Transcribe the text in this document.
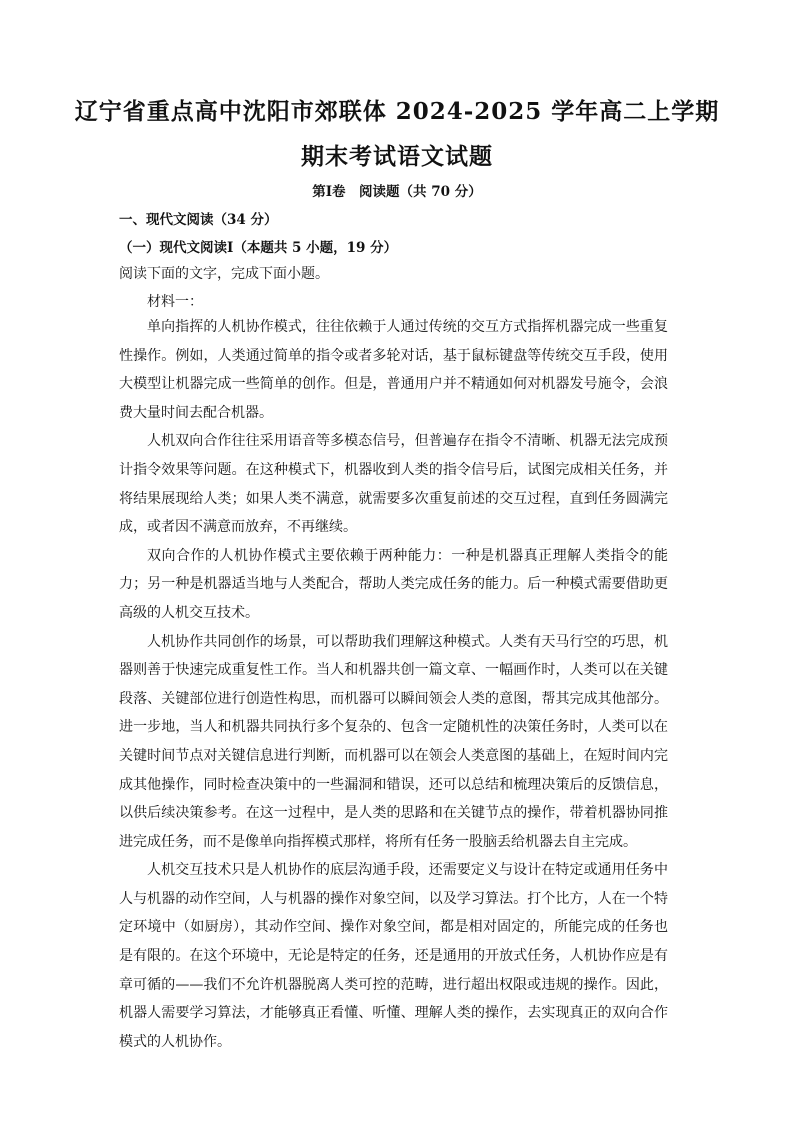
辽宁省重点高中沈阳市郊联体 2024-2025 学年高二上学期
期末考试语文试题
第Ⅰ卷　阅读题（共 70 分）
一、现代文阅读（34 分）
（一）现代文阅读Ⅰ（本题共 5 小题，19 分）
阅读下面的文字，完成下面小题。
材料一：

单向指挥的人机协作模式，往往依赖于人通过传统的交互方式指挥机器完成一些重复性操作。例如，人类通过简单的指令或者多轮对话，基于鼠标键盘等传统交互手段，使用大模型让机器完成一些简单的创作。但是，普通用户并不精通如何对机器发号施令，会浪费大量时间去配合机器。

人机双向合作往往采用语音等多模态信号，但普遍存在指令不清晰、机器无法完成预计指令效果等问题。在这种模式下，机器收到人类的指令信号后，试图完成相关任务，并将结果展现给人类；如果人类不满意，就需要多次重复前述的交互过程，直到任务圆满完成，或者因不满意而放弃，不再继续。

双向合作的人机协作模式主要依赖于两种能力：一种是机器真正理解人类指令的能力；另一种是机器适当地与人类配合，帮助人类完成任务的能力。后一种模式需要借助更高级的人机交互技术。

人机协作共同创作的场景，可以帮助我们理解这种模式。人类有天马行空的巧思，机器则善于快速完成重复性工作。当人和机器共创一篇文章、一幅画作时，人类可以在关键段落、关键部位进行创造性构思，而机器可以瞬间领会人类的意图，帮其完成其他部分。进一步地，当人和机器共同执行多个复杂的、包含一定随机性的决策任务时，人类可以在关键时间节点对关键信息进行判断，而机器可以在领会人类意图的基础上，在短时间内完成其他操作，同时检查决策中的一些漏洞和错误，还可以总结和梳理决策后的反馈信息，以供后续决策参考。在这一过程中，是人类的思路和在关键节点的操作，带着机器协同推进完成任务，而不是像单向指挥模式那样，将所有任务一股脑丢给机器去自主完成。

人机交互技术只是人机协作的底层沟通手段，还需要定义与设计在特定或通用任务中人与机器的动作空间，人与机器的操作对象空间，以及学习算法。打个比方，人在一个特定环境中（如厨房），其动作空间、操作对象空间，都是相对固定的，所能完成的任务也是有限的。在这个环境中，无论是特定的任务，还是通用的开放式任务，人机协作应是有章可循的——我们不允许机器脱离人类可控的范畴，进行超出权限或违规的操作。因此，机器人需要学习算法，才能够真正看懂、听懂、理解人类的操作，去实现真正的双向合作模式的人机协作。
